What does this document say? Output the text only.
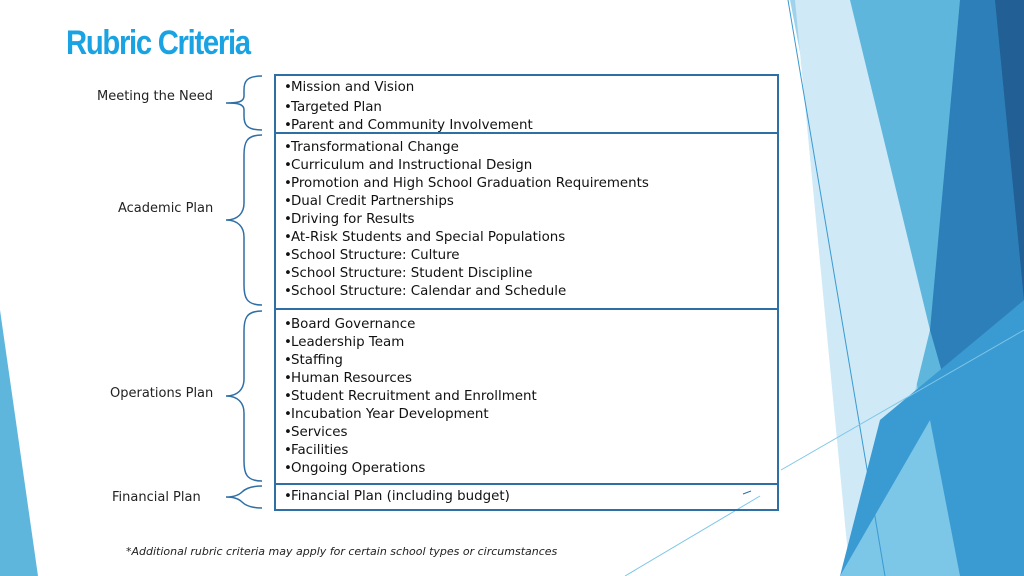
Rubric Criteria
Meeting the Need
Academic Plan
Operations Plan
Financial Plan
•Mission and Vision
•Targeted Plan
•Parent and Community Involvement
•Transformational Change
•Curriculum and Instructional Design
•Promotion and High School Graduation Requirements
•Dual Credit Partnerships
•Driving for Results
•At-Risk Students and Special Populations
•School Structure: Culture
•School Structure: Student Discipline
•School Structure: Calendar and Schedule
•Board Governance
•Leadership Team
•Staffing
•Human Resources
•Student Recruitment and Enrollment
•Incubation Year Development
•Services
•Facilities
•Ongoing Operations
•Financial Plan (including budget)
*Additional rubric criteria may apply for certain school types or circumstances
